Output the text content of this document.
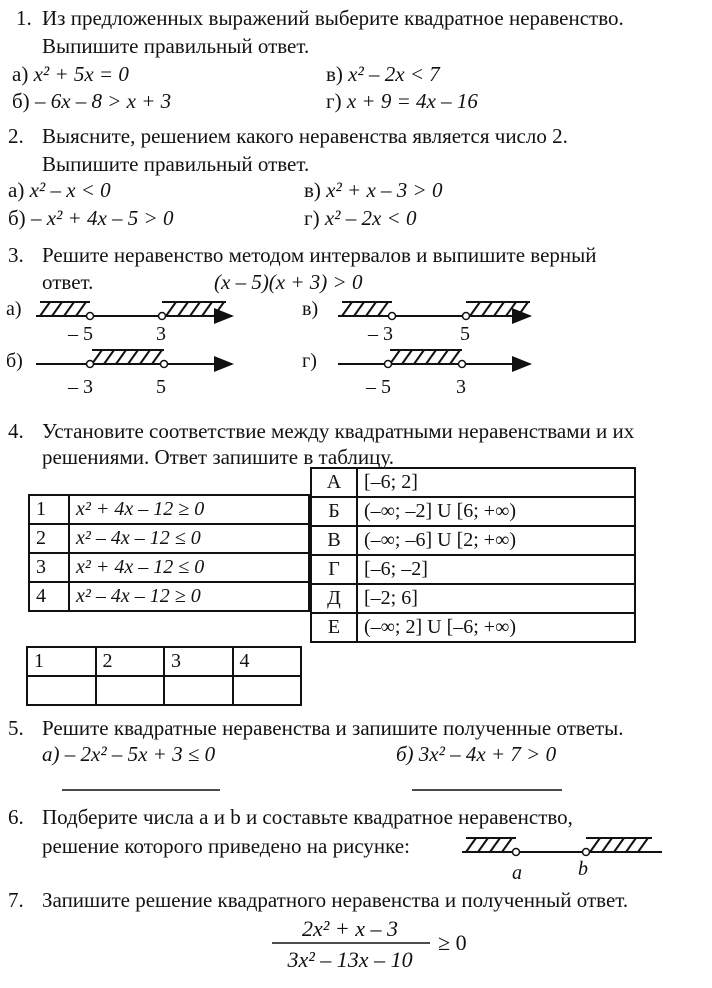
1. Из предложенных выражений выберите квадратное неравенство.
Выпишите правильный ответ.
а) x² + 5x = 0
б) – 6x – 8 > x + 3
в) x² – 2x < 7
г) x + 9 = 4x – 16
2. Выясните, решением какого неравенства является число 2.
Выпишите правильный ответ.
а) x² – x < 0
б) – x² + 4x – 5 > 0
в) x² + x – 3 > 0
г) x² – 2x < 0
3. Решите неравенство методом интервалов и выпишите верный
ответ.	(x – 5)(x + 3) > 0
а)
б)
в)
г)
– 5	3
– 3	5
– 3	5
– 5	3
4. Установите соответствие между квадратными неравенствами и их
решениями. Ответ запишите в таблицу.
1	x² + 4x – 12 ≥ 0
2	x² – 4x – 12 ≤ 0
3	x² + 4x – 12 ≤ 0
4	x² – 4x – 12 ≥ 0
А	[–6; 2]
Б	(–∞; –2] U [6; +∞)
В	(–∞; –6] U [2; +∞)
Г	[–6; –2]
Д	[–2; 6]
Е	(–∞; 2] U [–6; +∞)
1	2	3	4

5. Решите квадратные неравенства и запишите полученные ответы.
а) – 2x² – 5x + 3 ≤ 0	б) 3x² – 4x + 7 > 0
6. Подберите числа a и b и составьте квадратное неравенство,
решение которого приведено на рисунке:
a	b
7. Запишите решение квадратного неравенства и полученный ответ.
2x² + x – 3
3x² – 13x – 10
≥ 0
